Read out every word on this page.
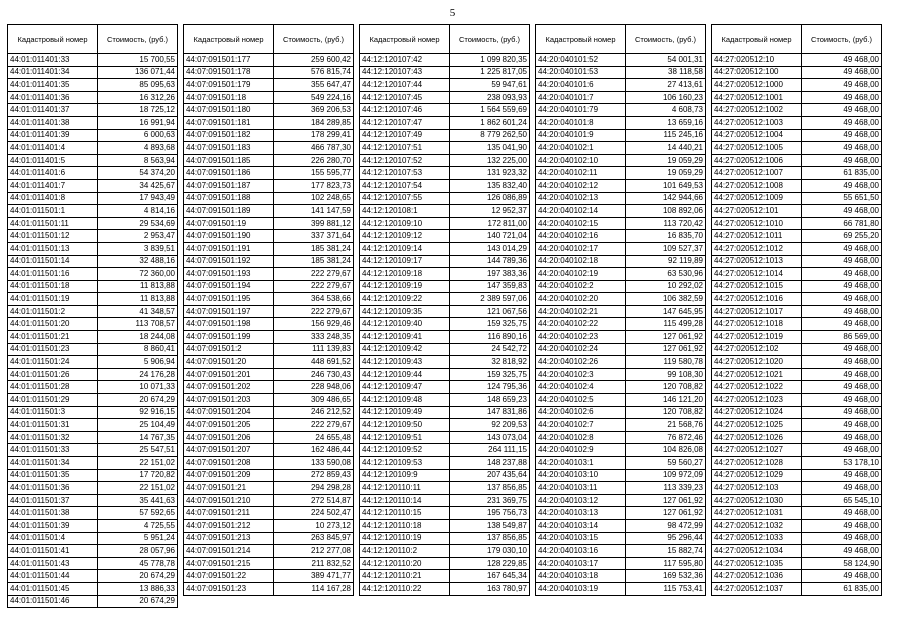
5
Кадастровый номер	Стоимость, (руб.)
44:01:011401:33	15 700,55
44:01:011401:34	136 071,44
44:01:011401:35	85 095,63
44:01:011401:36	16 312,26
44:01:011401:37	18 725,12
44:01:011401:38	16 991,94
44:01:011401:39	6 000,63
44:01:011401:4	4 893,68
44:01:011401:5	8 563,94
44:01:011401:6	54 374,20
44:01:011401:7	34 425,67
44:01:011401:8	17 943,49
44:01:011501:1	4 814,16
44:01:011501:11	29 534,69
44:01:011501:12	2 953,47
44:01:011501:13	3 839,51
44:01:011501:14	32 488,16
44:01:011501:16	72 360,00
44:01:011501:18	11 813,88
44:01:011501:19	11 813,88
44:01:011501:2	41 348,57
44:01:011501:20	113 708,57
44:01:011501:21	18 244,08
44:01:011501:23	8 860,41
44:01:011501:24	5 906,94
44:01:011501:26	24 176,28
44:01:011501:28	10 071,33
44:01:011501:29	20 674,29
44:01:011501:3	92 916,15
44:01:011501:31	25 104,49
44:01:011501:32	14 767,35
44:01:011501:33	25 547,51
44:01:011501:34	22 151,02
44:01:011501:35	17 720,82
44:01:011501:36	22 151,02
44:01:011501:37	35 441,63
44:01:011501:38	57 592,65
44:01:011501:39	4 725,55
44:01:011501:4	5 951,24
44:01:011501:41	28 057,96
44:01:011501:43	45 778,78
44:01:011501:44	20 674,29
44:01:011501:45	13 886,33
44:01:011501:46	20 674,29
Кадастровый номер	Стоимость, (руб.)
44:07:091501:177	259 600,42
44:07:091501:178	576 815,74
44:07:091501:179	355 647,47
44:07:091501:18	549 224,16
44:07:091501:180	369 206,53
44:07:091501:181	184 289,85
44:07:091501:182	178 299,41
44:07:091501:183	466 787,30
44:07:091501:185	226 280,70
44:07:091501:186	155 595,77
44:07:091501:187	177 823,73
44:07:091501:188	102 248,65
44:07:091501:189	141 147,59
44:07:091501:19	399 881,12
44:07:091501:190	337 371,64
44:07:091501:191	185 381,24
44:07:091501:192	185 381,24
44:07:091501:193	222 279,67
44:07:091501:194	222 279,67
44:07:091501:195	364 538,66
44:07:091501:197	222 279,67
44:07:091501:198	156 929,46
44:07:091501:199	333 248,35
44:07:091501:2	111 139,83
44:07:091501:20	448 691,52
44:07:091501:201	246 730,43
44:07:091501:202	228 948,06
44:07:091501:203	309 486,65
44:07:091501:204	246 212,52
44:07:091501:205	222 279,67
44:07:091501:206	24 655,48
44:07:091501:207	162 486,44
44:07:091501:208	133 590,08
44:07:091501:209	272 859,43
44:07:091501:21	294 298,28
44:07:091501:210	272 514,87
44:07:091501:211	224 502,47
44:07:091501:212	10 273,12
44:07:091501:213	263 845,97
44:07:091501:214	212 277,08
44:07:091501:215	211 832,52
44:07:091501:22	389 471,77
44:07:091501:23	114 167,28
Кадастровый номер	Стоимость, (руб.)
44:12:120107:42	1 099 820,35
44:12:120107:43	1 225 817,05
44:12:120107:44	59 947,61
44:12:120107:45	238 093,93
44:12:120107:46	1 564 559,69
44:12:120107:47	1 862 601,24
44:12:120107:49	8 779 262,50
44:12:120107:51	135 041,90
44:12:120107:52	132 225,00
44:12:120107:53	131 923,32
44:12:120107:54	135 832,40
44:12:120107:55	126 086,89
44:12:120108:1	12 952,37
44:12:120109:10	172 811,00
44:12:120109:12	140 721,04
44:12:120109:14	143 014,29
44:12:120109:17	144 789,36
44:12:120109:18	197 383,36
44:12:120109:19	147 359,83
44:12:120109:22	2 389 597,06
44:12:120109:35	121 067,56
44:12:120109:40	159 325,75
44:12:120109:41	116 890,16
44:12:120109:42	24 542,72
44:12:120109:43	32 818,92
44:12:120109:44	159 325,75
44:12:120109:47	124 795,36
44:12:120109:48	148 659,23
44:12:120109:49	147 831,86
44:12:120109:50	92 209,53
44:12:120109:51	143 073,04
44:12:120109:52	264 111,15
44:12:120109:53	148 237,88
44:12:120109:9	207 435,64
44:12:120110:11	137 856,85
44:12:120110:14	231 369,75
44:12:120110:15	195 756,73
44:12:120110:18	138 549,87
44:12:120110:19	137 856,85
44:12:120110:2	179 030,10
44:12:120110:20	128 229,85
44:12:120110:21	167 645,34
44:12:120110:22	163 780,97
Кадастровый номер	Стоимость, (руб.)
44:20:040101:52	54 001,31
44:20:040101:53	38 118,58
44:20:040101:6	27 413,61
44:20:040101:7	106 160,23
44:20:040101:79	4 608,73
44:20:040101:8	13 659,16
44:20:040101:9	115 245,16
44:20:040102:1	14 440,21
44:20:040102:10	19 059,29
44:20:040102:11	19 059,29
44:20:040102:12	101 649,53
44:20:040102:13	142 944,66
44:20:040102:14	108 892,06
44:20:040102:15	113 720,42
44:20:040102:16	16 835,70
44:20:040102:17	109 527,37
44:20:040102:18	92 119,89
44:20:040102:19	63 530,96
44:20:040102:2	10 292,02
44:20:040102:20	106 382,59
44:20:040102:21	147 645,95
44:20:040102:22	115 499,28
44:20:040102:23	127 061,92
44:20:040102:24	127 061,92
44:20:040102:26	119 580,78
44:20:040102:3	99 108,30
44:20:040102:4	120 708,82
44:20:040102:5	146 121,20
44:20:040102:6	120 708,82
44:20:040102:7	21 568,76
44:20:040102:8	76 872,46
44:20:040102:9	104 826,08
44:20:040103:1	59 560,27
44:20:040103:10	109 972,09
44:20:040103:11	113 339,23
44:20:040103:12	127 061,92
44:20:040103:13	127 061,92
44:20:040103:14	98 472,99
44:20:040103:15	95 296,44
44:20:040103:16	15 882,74
44:20:040103:17	117 595,80
44:20:040103:18	169 532,36
44:20:040103:19	115 753,41
Кадастровый номер	Стоимость, (руб.)
44:27:020512:10	49 468,00
44:27:020512:100	49 468,00
44:27:020512:1000	49 468,00
44:27:020512:1001	49 468,00
44:27:020512:1002	49 468,00
44:27:020512:1003	49 468,00
44:27:020512:1004	49 468,00
44:27:020512:1005	49 468,00
44:27:020512:1006	49 468,00
44:27:020512:1007	61 835,00
44:27:020512:1008	49 468,00
44:27:020512:1009	55 651,50
44:27:020512:101	49 468,00
44:27:020512:1010	66 781,80
44:27:020512:1011	69 255,20
44:27:020512:1012	49 468,00
44:27:020512:1013	49 468,00
44:27:020512:1014	49 468,00
44:27:020512:1015	49 468,00
44:27:020512:1016	49 468,00
44:27:020512:1017	49 468,00
44:27:020512:1018	49 468,00
44:27:020512:1019	86 569,00
44:27:020512:102	49 468,00
44:27:020512:1020	49 468,00
44:27:020512:1021	49 468,00
44:27:020512:1022	49 468,00
44:27:020512:1023	49 468,00
44:27:020512:1024	49 468,00
44:27:020512:1025	49 468,00
44:27:020512:1026	49 468,00
44:27:020512:1027	49 468,00
44:27:020512:1028	53 178,10
44:27:020512:1029	49 468,00
44:27:020512:103	49 468,00
44:27:020512:1030	65 545,10
44:27:020512:1031	49 468,00
44:27:020512:1032	49 468,00
44:27:020512:1033	49 468,00
44:27:020512:1034	49 468,00
44:27:020512:1035	58 124,90
44:27:020512:1036	49 468,00
44:27:020512:1037	61 835,00
